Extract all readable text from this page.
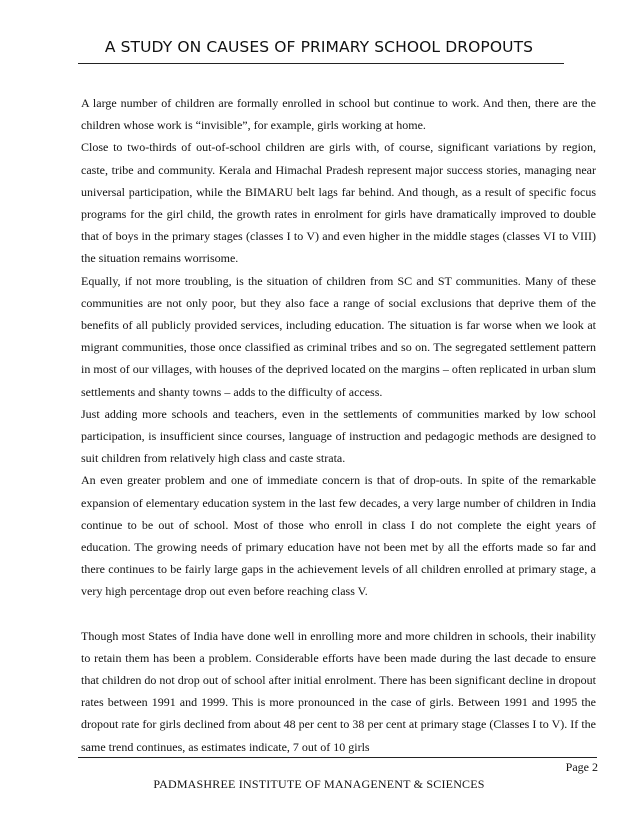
A STUDY ON CAUSES OF PRIMARY SCHOOL DROPOUTS

A large number of children are formally enrolled in school but continue to work. And then, there are the children whose work is “invisible”, for example, girls working at home.

Close to two-thirds of out-of-school children are girls with, of course, significant variations by region, caste, tribe and community. Kerala and Himachal Pradesh represent major success stories, managing near universal participation, while the BIMARU belt lags far behind. And though, as a result of specific focus programs for the girl child, the growth rates in enrolment for girls have dramatically improved to double that of boys in the primary stages (classes I to V) and even higher in the middle stages (classes VI to VIII) the situation remains worrisome.

Equally, if not more troubling, is the situation of children from SC and ST communities. Many of these communities are not only poor, but they also face a range of social exclusions that deprive them of the benefits of all publicly provided services, including education. The situation is far worse when we look at migrant communities, those once classified as criminal tribes and so on. The segregated settlement pattern in most of our villages, with houses of the deprived located on the margins – often replicated in urban slum settlements and shanty towns – adds to the difficulty of access.

Just adding more schools and teachers, even in the settlements of communities marked by low school participation, is insufficient since courses, language of instruction and pedagogic methods are designed to suit children from relatively high class and caste strata.

An even greater problem and one of immediate concern is that of drop-outs. In spite of the remarkable expansion of elementary education system in the last few decades, a very large number of children in India continue to be out of school. Most of those who enroll in class I do not complete the eight years of education. The growing needs of primary education have not been met by all the efforts made so far and there continues to be fairly large gaps in the achievement levels of all children enrolled at primary stage, a very high percentage drop out even before reaching class V.

Though most States of India have done well in enrolling more and more children in schools, their inability to retain them has been a problem. Considerable efforts have been made during the last decade to ensure that children do not drop out of school after initial enrolment. There has been significant decline in dropout rates between 1991 and 1999. This is more pronounced in the case of girls. Between 1991 and 1995 the dropout rate for girls declined from about 48 per cent to 38 per cent at primary stage (Classes I to V). If the same trend continues, as estimates indicate, 7 out of 10 girls

Page 2
PADMASHREE INSTITUTE OF MANAGENENT & SCIENCES
